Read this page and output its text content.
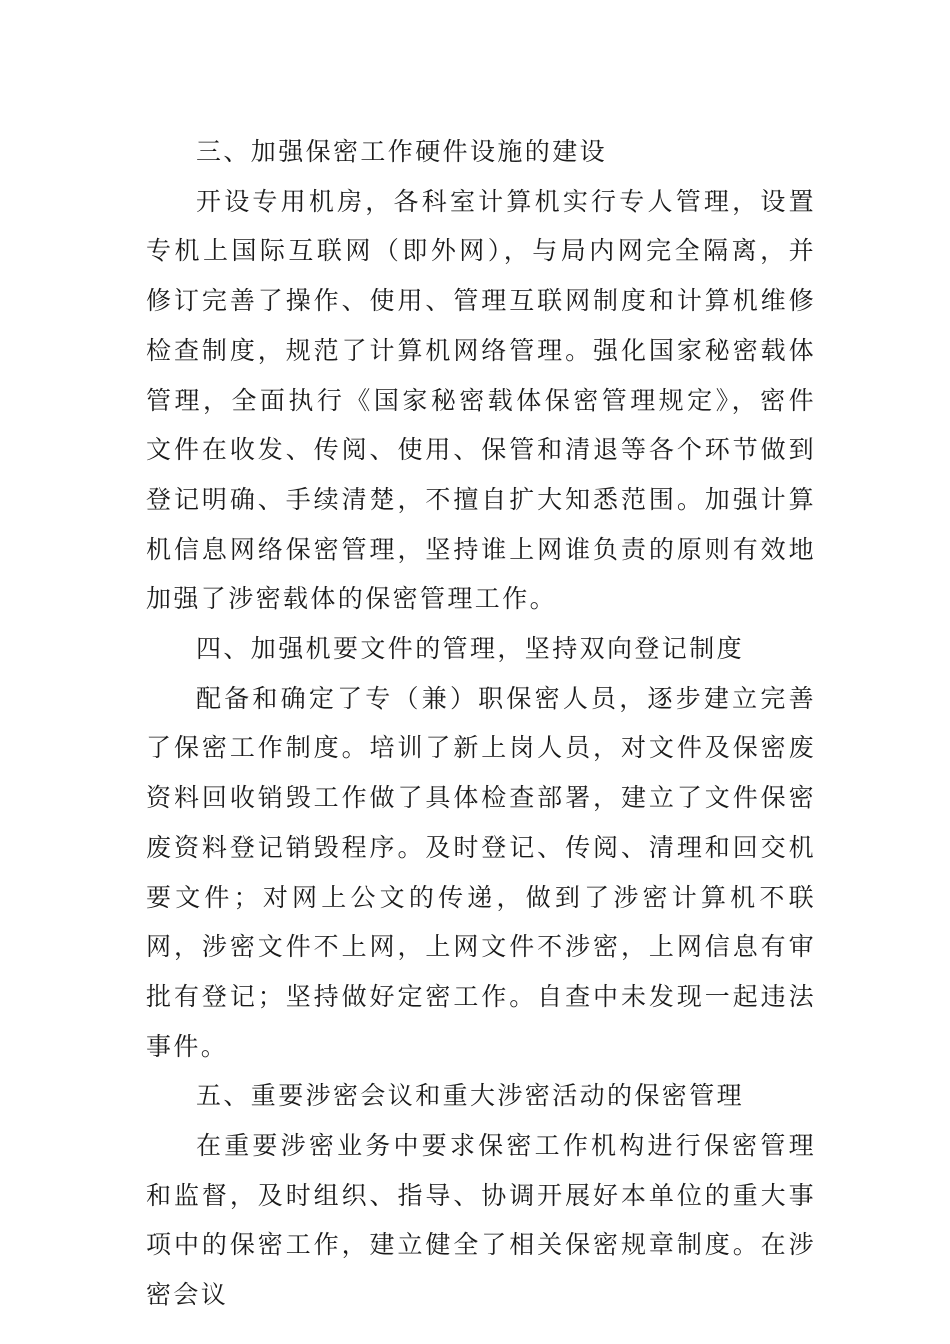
三、加强保密工作硬件设施的建设

开设专用机房，各科室计算机实行专人管理，设置专机上国际互联网（即外网），与局内网完全隔离，并修订完善了操作、使用、管理互联网制度和计算机维修检查制度，规范了计算机网络管理。强化国家秘密载体管理，全面执行《国家秘密载体保密管理规定》，密件文件在收发、传阅、使用、保管和清退等各个环节做到登记明确、手续清楚，不擅自扩大知悉范围。加强计算机信息网络保密管理，坚持谁上网谁负责的原则有效地加强了涉密载体的保密管理工作。

四、加强机要文件的管理，坚持双向登记制度

配备和确定了专（兼）职保密人员，逐步建立完善了保密工作制度。培训了新上岗人员，对文件及保密废资料回收销毁工作做了具体检查部署，建立了文件保密废资料登记销毁程序。及时登记、传阅、清理和回交机要文件；对网上公文的传递，做到了涉密计算机不联网，涉密文件不上网，上网文件不涉密，上网信息有审批有登记；坚持做好定密工作。自查中未发现一起违法事件。

五、重要涉密会议和重大涉密活动的保密管理

在重要涉密业务中要求保密工作机构进行保密管理和监督，及时组织、指导、协调开展好本单位的重大事项中的保密工作，建立健全了相关保密规章制度。在涉密会议
